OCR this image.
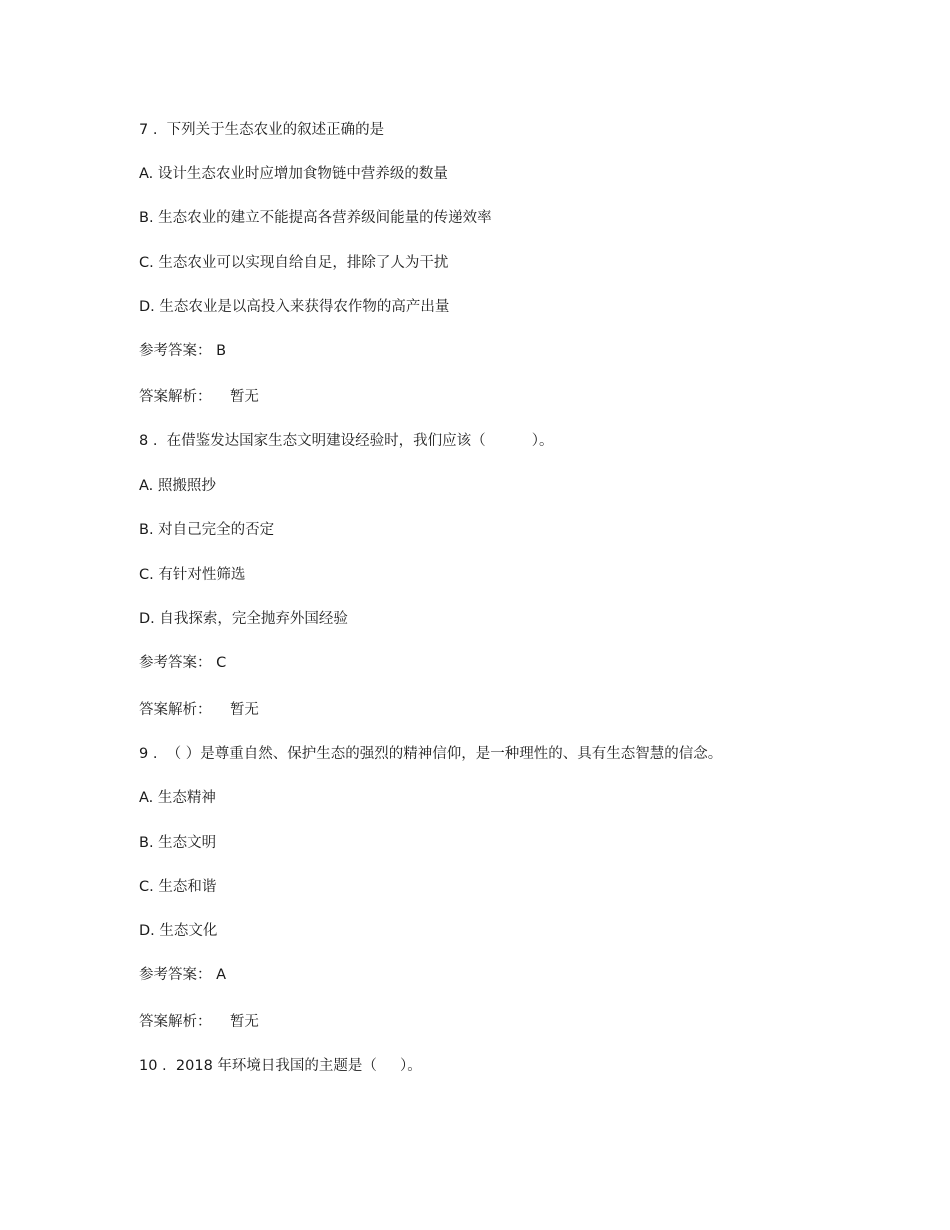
7 .  下列关于生态农业的叙述正确的是
A. 设计生态农业时应增加食物链中营养级的数量
B. 生态农业的建立不能提高各营养级间能量的传递效率
C. 生态农业可以实现自给自足，排除了人为干扰
D. 生态农业是以高投入来获得农作物的高产出量
参考答案： B
答案解析： 暂无
8 .  在借鉴发达国家生态文明建设经验时，我们应该（          ）。
A. 照搬照抄
B. 对自己完全的否定
C. 有针对性筛选
D. 自我探索，完全抛弃外国经验
参考答案： C
答案解析： 暂无
9 .  （ ）是尊重自然、保护生态的强烈的精神信仰，是一种理性的、具有生态智慧的信念。
A. 生态精神
B. 生态文明
C. 生态和谐
D. 生态文化
参考答案： A
答案解析： 暂无
10 .  2018 年环境日我国的主题是（     ）。
